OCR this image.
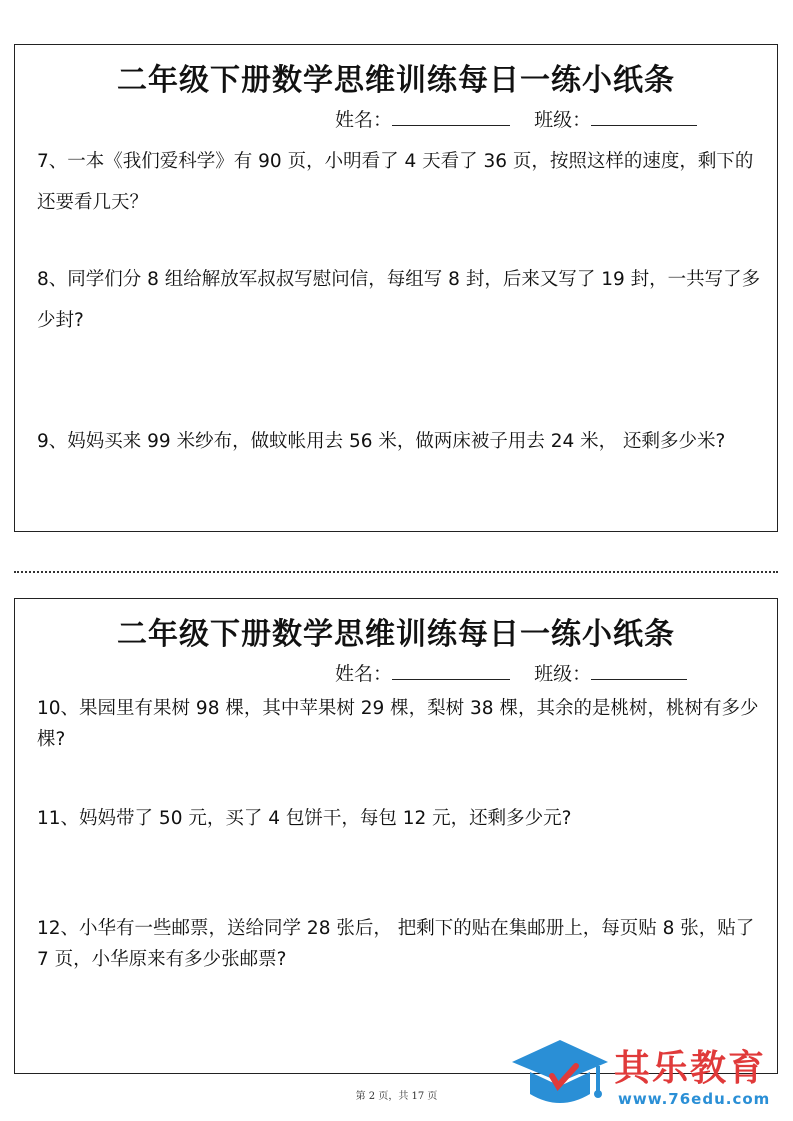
二年级下册数学思维训练每日一练小纸条
姓名：	班级：
7、一本《我们爱科学》有 90 页，小明看了 4 天看了 36 页，按照这样的速度，剩下的还要看几天？
8、同学们分 8 组给解放军叔叔写慰问信，每组写 8 封，后来又写了 19 封，一共写了多少封?
9、妈妈买来 99 米纱布，做蚊帐用去 56 米，做两床被子用去 24 米， 还剩多少米?
二年级下册数学思维训练每日一练小纸条
姓名：	班级：
10、果园里有果树 98 棵，其中苹果树 29 棵，梨树 38 棵，其余的是桃树，桃树有多少棵?
11、妈妈带了 50 元，买了 4 包饼干，每包 12 元，还剩多少元?
12、小华有一些邮票，送给同学 28 张后， 把剩下的贴在集邮册上，每页贴 8 张，贴了 7 页，小华原来有多少张邮票?
第 2 页，共 17 页
其乐教育
www.76edu.com
